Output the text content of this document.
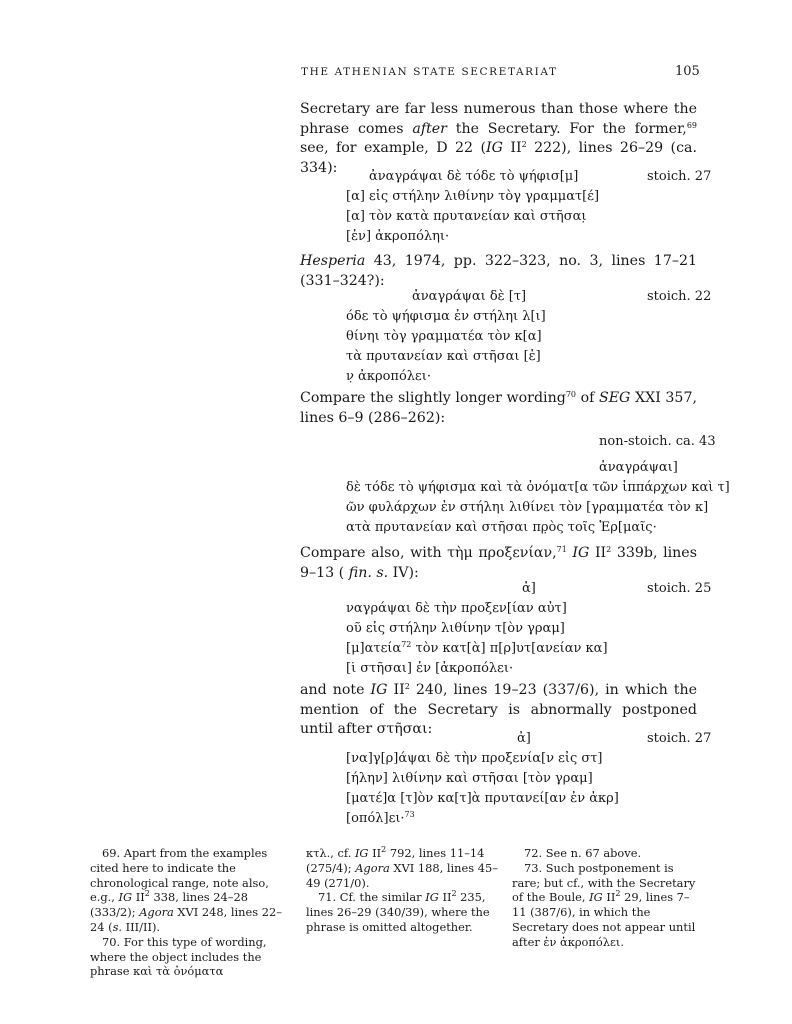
THE ATHENIAN STATE SECRETARIAT	105
Secretary are far less numerous than those where the phrase comes after the Secretary. For the former,$^{69}$ see, for example, D 22 (IG $II^2$ 222), lines 26–29 (ca. 334):
stoich. 27
ἀναγράψαι δὲ τόδε τὸ ψήφισ[μ]
[α] εἰς στήλην λιθίνην τὸγ γραμματ[έ]
[α] τὸν κατὰ πρυτανείαν καὶ στῆσαι̣
[ἐν] ἀκροπόληι·
Hesperia 43, 1974, pp. 322–323, no. 3, lines 17–21 (331–324?):
stoich. 22
ἀναγράψαι δὲ [τ]
όδε τὸ ψήφισμα ἐν στήληι λ[ι]
θίνηι τὸγ γραμματέα τὸν κ[α]
τὰ πρυτανείαν καὶ στῆσαι [ἐ]
ν̣ ἀκροπόλει·
Compare the slightly longer wording$^{70}$ of SEG XXI 357, lines 6–9 (286–262):
non-stoich. ca. 43
ἀναγράψαι]
δὲ τόδε τὸ ψήφισμα καὶ τὰ ὀνόματ[α τῶν ἱππάρχων καὶ τ]
ῶν φυλάρχων ἐν στήληι λιθίνει τὸν [γραμματέα τὸν κ]
ατὰ πρυτανείαν καὶ στῆσαι πρ̣ὸς τοῖς Ἑρ[μαῖς·
Compare also, with τὴμ προξενίαν,$^{71}$ IG $II^2$ 339b, lines 9–13 ( fin. s. IV):
stoich. 25
ἀ]
ναγράψαι δὲ τὴν προξεν[ίαν αὐτ]
οῦ εἰς στήλην λιθίνην τ[ὸν γραμ]
[μ]ατεία$^{72}$ τὸν κατ[ὰ] π[ρ]υτ[ανείαν κα]
[ι̇ στῆσαι] ἐν [ἀκροπόλει·
and note IG $II^2$ 240, lines 19–23 (337/6), in which the mention of the Secretary is abnormally postponed until after στῆσαι:
stoich. 27
ἀ]
[να]γ[ρ]άψαι δὲ τὴν προξενία[ν εἰς στ]
[ήλην] λιθίνην καὶ στῆσαι [τὸν γραμ]
[ματέ]α [τ]ὸν κα[τ]ὰ πρυτανεί[αν ἐν ἀκρ]
[οπόλ]ει·$^{73}$

69. Apart from the examples cited here to indicate the chronological range, note also, e.g., IG $II^2$ 338, lines 24–28 (333/2); Agora XVI 248, lines 22–24 (s. III/II).

70. For this type of wording, where the object includes the phrase καὶ τὰ ὀνόματα

κτλ., cf. IG $II^2$ 792, lines 11–14 (275/4); Agora XVI 188, lines 45–49 (271/0).

71. Cf. the similar IG $II^2$ 235, lines 26–29 (340/39), where the phrase is omitted altogether.

72. See n. 67 above.

73. Such postponement is rare; but cf., with the Secretary of the Boule, IG $II^2$ 29, lines 7–11 (387/6), in which the Secretary does not appear until after ἐν ἀκροπόλει.
